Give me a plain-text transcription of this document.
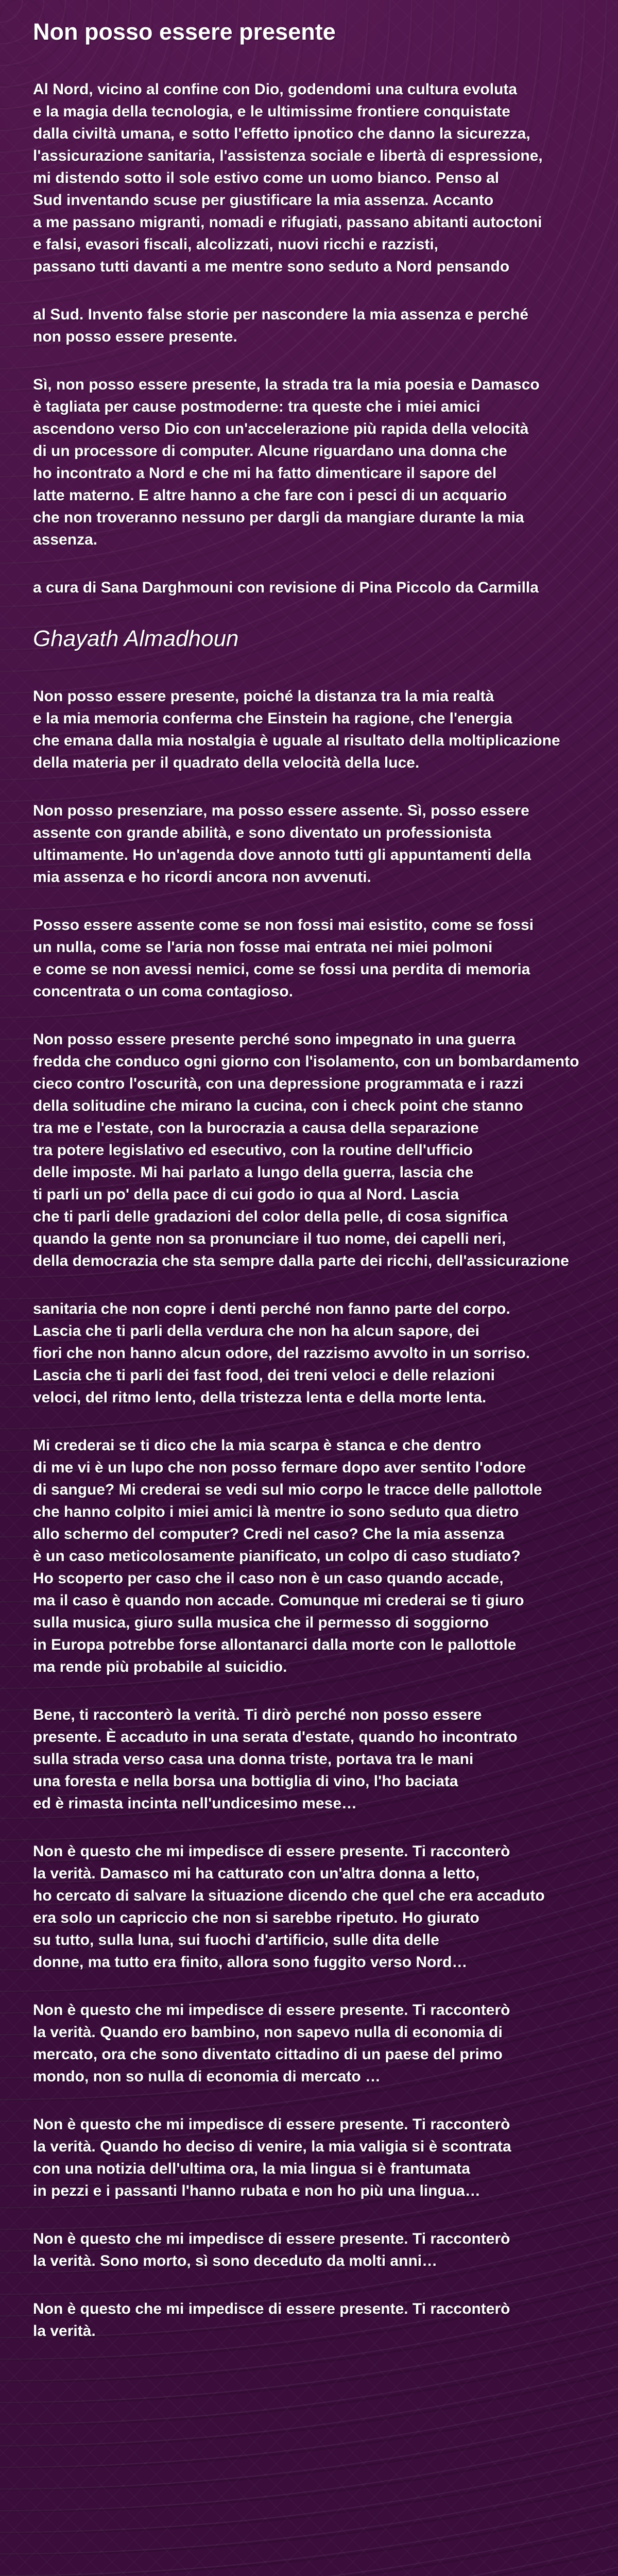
Non posso essere presente

Al Nord, vicino al confine con Dio, godendomi una cultura evoluta
e la magia della tecnologia, e le ultimissime frontiere conquistate
dalla civiltà umana, e sotto l'effetto ipnotico che danno la sicurezza,
l'assicurazione sanitaria, l'assistenza sociale e libertà di espressione,
mi distendo sotto il sole estivo come un uomo bianco. Penso al
Sud inventando scuse per giustificare la mia assenza. Accanto
a me passano migranti, nomadi e rifugiati, passano abitanti autoctoni
e falsi, evasori fiscali, alcolizzati, nuovi ricchi e razzisti,
passano tutti davanti a me mentre sono seduto a Nord pensando

al Sud. Invento false storie per nascondere la mia assenza e perché
non posso essere presente.

Sì, non posso essere presente, la strada tra la mia poesia e Damasco
è tagliata per cause postmoderne: tra queste che i miei amici
ascendono verso Dio con un'accelerazione più rapida della velocità
di un processore di computer. Alcune riguardano una donna che
ho incontrato a Nord e che mi ha fatto dimenticare il sapore del
latte materno. E altre hanno a che fare con i pesci di un acquario
che non troveranno nessuno per dargli da mangiare durante la mia
assenza.

a cura di Sana Darghmouni con revisione di Pina Piccolo da Carmilla

Ghayath Almadhoun

Non posso essere presente, poiché la distanza tra la mia realtà
e la mia memoria conferma che Einstein ha ragione, che l'energia
che emana dalla mia nostalgia è uguale al risultato della moltiplicazione
della materia per il quadrato della velocità della luce.

Non posso presenziare, ma posso essere assente. Sì, posso essere
assente con grande abilità, e sono diventato un professionista
ultimamente. Ho un'agenda dove annoto tutti gli appuntamenti della
mia assenza e ho ricordi ancora non avvenuti.

Posso essere assente come se non fossi mai esistito, come se fossi
un nulla, come se l'aria non fosse mai entrata nei miei polmoni
e come se non avessi nemici, come se fossi una perdita di memoria
concentrata o un coma contagioso.

Non posso essere presente perché sono impegnato in una guerra
fredda che conduco ogni giorno con l'isolamento, con un bombardamento
cieco contro l'oscurità, con una depressione programmata e i razzi
della solitudine che mirano la cucina, con i check point che stanno
tra me e l'estate, con la burocrazia a causa della separazione
tra potere legislativo ed esecutivo, con la routine dell'ufficio
delle imposte. Mi hai parlato a lungo della guerra, lascia che
ti parli un po' della pace di cui godo io qua al Nord. Lascia
che ti parli delle gradazioni del color della pelle, di cosa significa
quando la gente non sa pronunciare il tuo nome, dei capelli neri,
della democrazia che sta sempre dalla parte dei ricchi, dell'assicurazione

sanitaria che non copre i denti perché non fanno parte del corpo.
Lascia che ti parli della verdura che non ha alcun sapore, dei
fiori che non hanno alcun odore, del razzismo avvolto in un sorriso.
Lascia che ti parli dei fast food, dei treni veloci e delle relazioni
veloci, del ritmo lento, della tristezza lenta e della morte lenta.

Mi crederai se ti dico che la mia scarpa è stanca e che dentro
di me vi è un lupo che non posso fermare dopo aver sentito l'odore
di sangue? Mi crederai se vedi sul mio corpo le tracce delle pallottole
che hanno colpito i miei amici là mentre io sono seduto qua dietro
allo schermo del computer? Credi nel caso? Che la mia assenza
è un caso meticolosamente pianificato, un colpo di caso studiato?
Ho scoperto per caso che il caso non è un caso quando accade,
ma il caso è quando non accade. Comunque mi crederai se ti giuro
sulla musica, giuro sulla musica che il permesso di soggiorno
in Europa potrebbe forse allontanarci dalla morte con le pallottole
ma rende più probabile al suicidio.

Bene, ti racconterò la verità. Ti dirò perché non posso essere
presente. È accaduto in una serata d'estate, quando ho incontrato
sulla strada verso casa una donna triste, portava tra le mani
una foresta e nella borsa una bottiglia di vino, l'ho baciata
ed è rimasta incinta nell'undicesimo mese…

Non è questo che mi impedisce di essere presente. Ti racconterò
la verità. Damasco mi ha catturato con un'altra donna a letto,
ho cercato di salvare la situazione dicendo che quel che era accaduto
era solo un capriccio che non si sarebbe ripetuto. Ho giurato
su tutto, sulla luna, sui fuochi d'artificio, sulle dita delle
donne, ma tutto era finito, allora sono fuggito verso Nord…

Non è questo che mi impedisce di essere presente. Ti racconterò
la verità. Quando ero bambino, non sapevo nulla di economia di
mercato, ora che sono diventato cittadino di un paese del primo
mondo, non so nulla di economia di mercato …

Non è questo che mi impedisce di essere presente. Ti racconterò
la verità. Quando ho deciso di venire, la mia valigia si è scontrata
con una notizia dell'ultima ora, la mia lingua si è frantumata
in pezzi e i passanti l'hanno rubata e non ho più una lingua…

Non è questo che mi impedisce di essere presente. Ti racconterò
la verità. Sono morto, sì sono deceduto da molti anni…

Non è questo che mi impedisce di essere presente. Ti racconterò
la verità.
